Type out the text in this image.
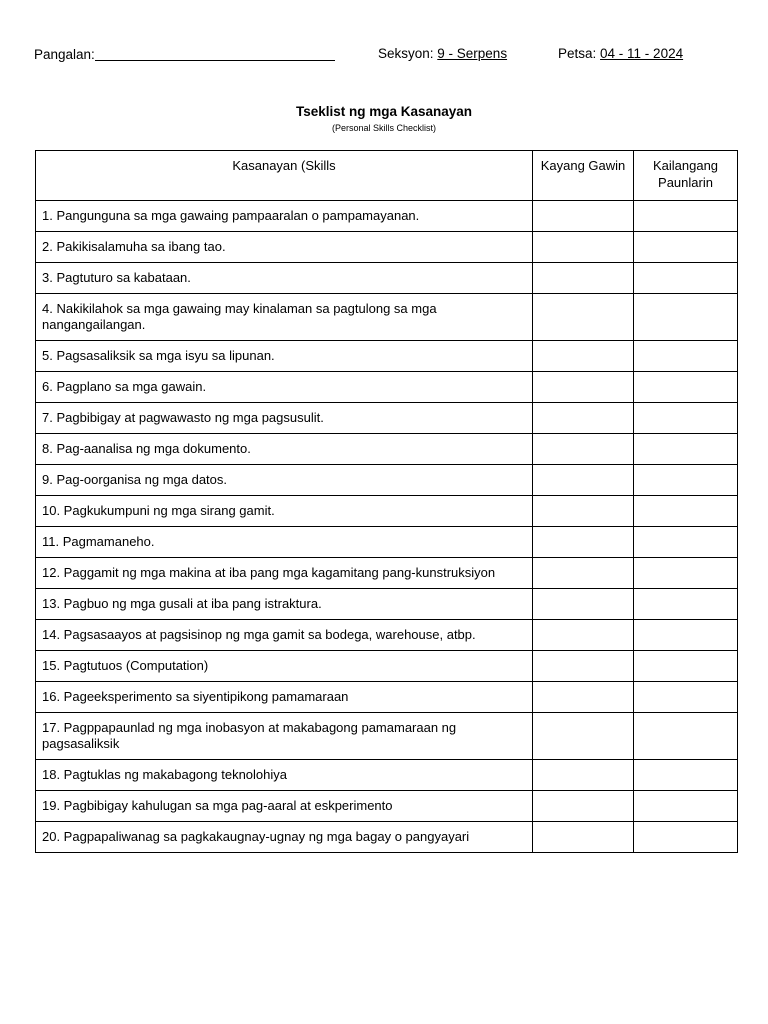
Pangalan:	Seksyon: 9 - Serpens	Petsa: 04 - 11 - 2024
Tseklist ng mga Kasanayan
(Personal Skills Checklist)
Kasanayan (Skills	Kayang Gawin	Kailangang Paunlarin
1. Pangunguna sa mga gawaing pampaaralan o pampamayanan.		
2. Pakikisalamuha sa ibang tao.		
3. Pagtuturo sa kabataan.		
4. Nakikilahok sa mga gawaing may kinalaman sa pagtulong sa mga nangangailangan.		
5. Pagsasaliksik sa mga isyu sa lipunan.		
6. Pagplano sa mga gawain.		
7. Pagbibigay at pagwawasto ng mga pagsusulit.		
8. Pag-aanalisa ng mga dokumento.		
9. Pag-oorganisa ng mga datos.		
10. Pagkukumpuni ng mga sirang gamit.		
11. Pagmamaneho.		
12. Paggamit ng mga makina at iba pang mga kagamitang pang-kunstruksiyon		
13. Pagbuo ng mga gusali at iba pang istraktura.		
14. Pagsasaayos at pagsisinop ng mga gamit sa bodega, warehouse, atbp.		
15. Pagtutuos (Computation)		
16. Pageeksperimento sa siyentipikong pamamaraan		
17. Pagppapaunlad ng mga inobasyon at makabagong pamamaraan ng pagsasaliksik		
18. Pagtuklas ng makabagong teknolohiya		
19. Pagbibigay kahulugan sa mga pag-aaral at eskperimento		
20. Pagpapaliwanag sa pagkakaugnay-ugnay ng mga bagay o pangyayari		
